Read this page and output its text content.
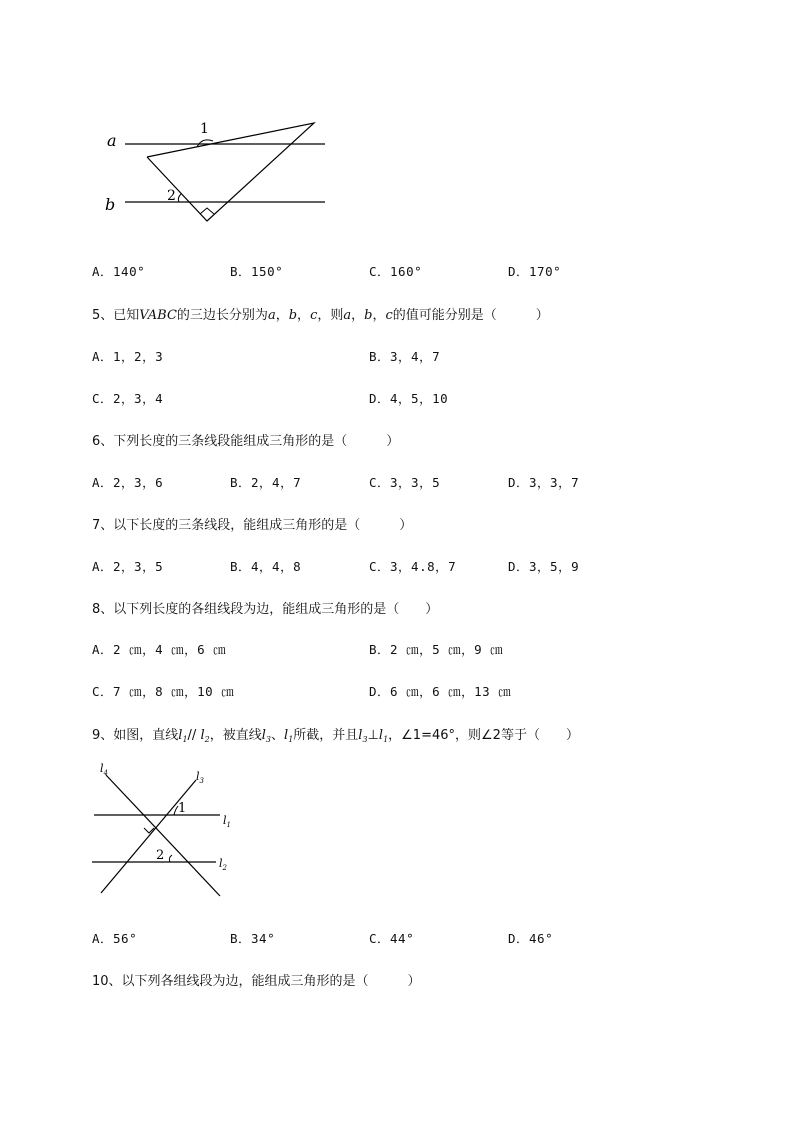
a
b
1
2
A．140°	B．150°	C．160°	D．170°
5、已知VABC的三边长分别为a，b，c，则a，b，c的值可能分别是（　　　）
A．1，2，3	B．3，4，7
C．2，3，4	D．4，5，10
6、下列长度的三条线段能组成三角形的是（　　　）
A．2，3，6	B．2，4，7	C．3，3，5	D．3，3，7
7、以下长度的三条线段，能组成三角形的是（　　　）
A．2，3，5	B．4，4，8	C．3，4.8，7	D．3，5，9
8、以下列长度的各组线段为边，能组成三角形的是（　　）
A．2 ㎝，4 ㎝，6 ㎝	B．2 ㎝，5 ㎝，9 ㎝
C．7 ㎝，8 ㎝，10 ㎝	D．6 ㎝，6 ㎝，13 ㎝
9、如图，直线$l_1//$ $l_2$，被直线$l_3$、$l_1$所截，并且$l_3\perp l_1$，∠1=46°，则∠2等于（　　）
$l_4$	$l_3$
$l_1$
$l_2$
1
2
A．56°	B．34°	C．44°	D．46°
10、以下列各组线段为边，能组成三角形的是（　　　）
